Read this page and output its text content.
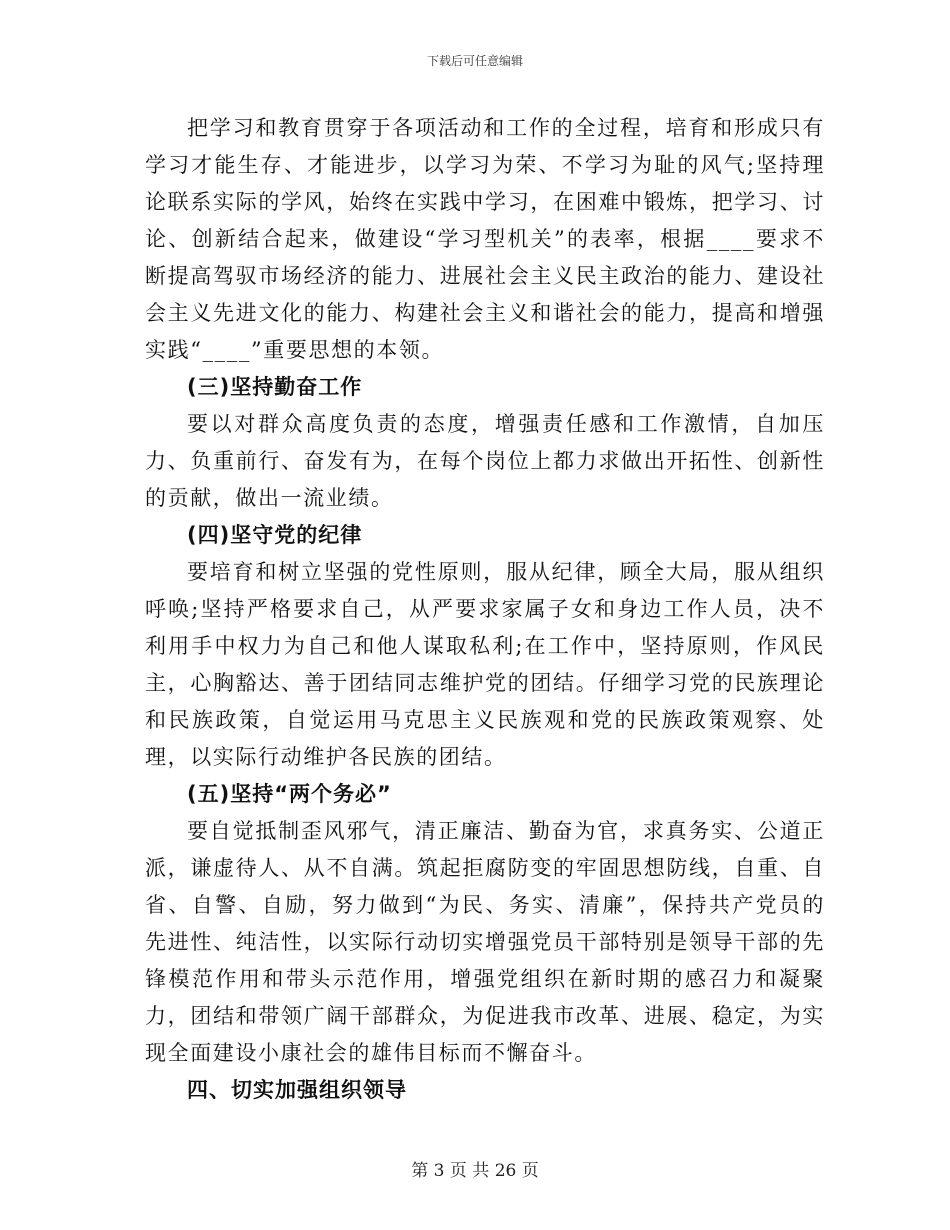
下载后可任意编辑

把学习和教育贯穿于各项活动和工作的全过程，培育和形成只有学习才能生存、才能进步，以学习为荣、不学习为耻的风气;坚持理论联系实际的学风，始终在实践中学习，在困难中锻炼，把学习、讨论、创新结合起来，做建设“学习型机关”的表率，根据____要求不断提高驾驭市场经济的能力、进展社会主义民主政治的能力、建设社会主义先进文化的能力、构建社会主义和谐社会的能力，提高和增强实践“____”重要思想的本领。

(三)坚持勤奋工作

要以对群众高度负责的态度，增强责任感和工作激情，自加压力、负重前行、奋发有为，在每个岗位上都力求做出开拓性、创新性的贡献，做出一流业绩。

(四)坚守党的纪律

要培育和树立坚强的党性原则，服从纪律，顾全大局，服从组织呼唤;坚持严格要求自己，从严要求家属子女和身边工作人员，决不利用手中权力为自己和他人谋取私利;在工作中，坚持原则，作风民主，心胸豁达、善于团结同志维护党的团结。仔细学习党的民族理论和民族政策，自觉运用马克思主义民族观和党的民族政策观察、处理，以实际行动维护各民族的团结。

(五)坚持“两个务必”

要自觉抵制歪风邪气，清正廉洁、勤奋为官，求真务实、公道正派，谦虚待人、从不自满。筑起拒腐防变的牢固思想防线，自重、自省、自警、自励，努力做到“为民、务实、清廉”，保持共产党员的先进性、纯洁性，以实际行动切实增强党员干部特别是领导干部的先锋模范作用和带头示范作用，增强党组织在新时期的感召力和凝聚力，团结和带领广阔干部群众，为促进我市改革、进展、稳定，为实现全面建设小康社会的雄伟目标而不懈奋斗。

四、切实加强组织领导

第 3 页 共 26 页
